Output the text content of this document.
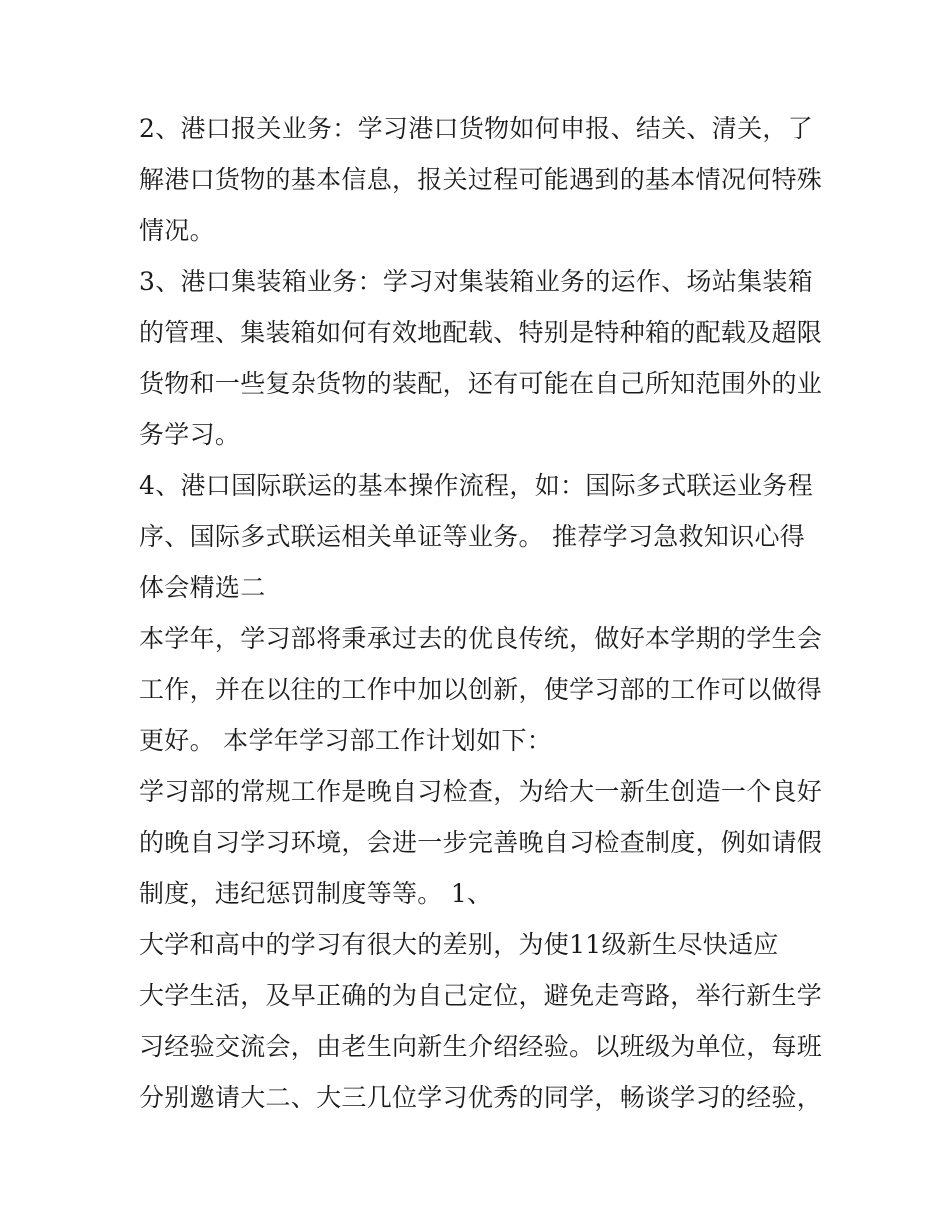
2、港口报关业务：学习港口货物如何申报、结关、清关，了
解港口货物的基本信息，报关过程可能遇到的基本情况何特殊
情况。
3、港口集装箱业务：学习对集装箱业务的运作、场站集装箱
的管理、集装箱如何有效地配载、特别是特种箱的配载及超限
货物和一些复杂货物的装配，还有可能在自己所知范围外的业
务学习。
4、港口国际联运的基本操作流程，如：国际多式联运业务程
序、国际多式联运相关单证等业务。 推荐学习急救知识心得
体会精选二
本学年，学习部将秉承过去的优良传统，做好本学期的学生会
工作，并在以往的工作中加以创新，使学习部的工作可以做得
更好。 本学年学习部工作计划如下：
学习部的常规工作是晚自习检查，为给大一新生创造一个良好
的晚自习学习环境，会进一步完善晚自习检查制度，例如请假
制度，违纪惩罚制度等等。 1、
大学和高中的学习有很大的差别，为使11级新生尽快适应
大学生活，及早正确的为自己定位，避免走弯路，举行新生学
习经验交流会，由老生向新生介绍经验。以班级为单位，每班
分别邀请大二、大三几位学习优秀的同学，畅谈学习的经验，
